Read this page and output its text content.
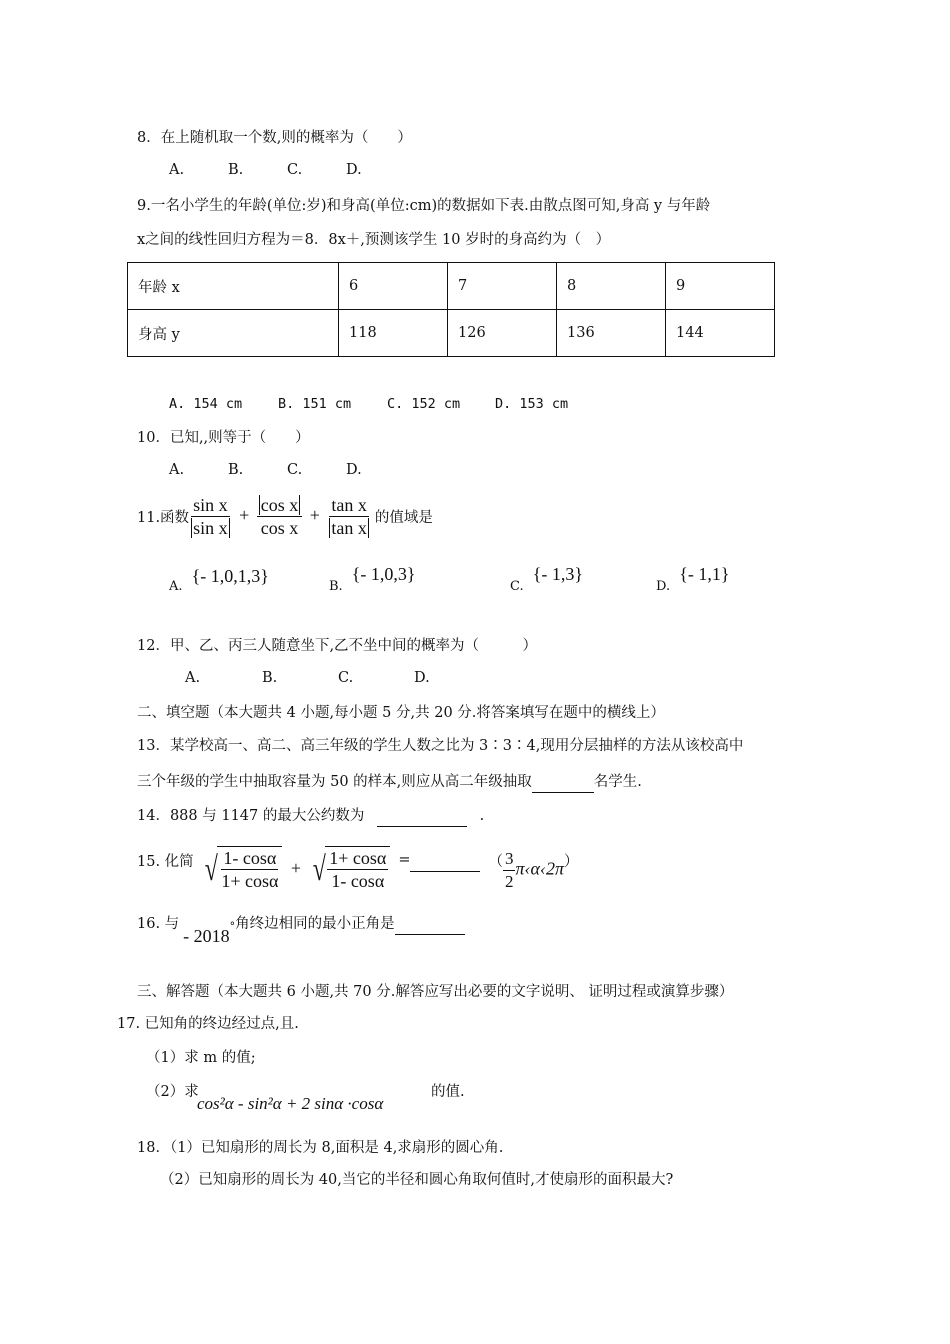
8．在上随机取一个数,则的概率为（　　）
A.	B.	C.	D.
9.一名小学生的年龄(单位:岁)和身高(单位:cm)的数据如下表.由散点图可知,身高 y 与年龄
x之间的线性回归方程为＝8．8x＋,预测该学生 10 岁时的身高约为（　）
年龄 x	6	7	8	9
身高 y	118	126	136	144
A. 154 cm	B. 151 cm	C. 152 cm	D. 153 cm
10．已知,,则等于（　　）
A.	B.	C.	D.
11.函数 $\frac{\text{sin x}}{\text{sin x}} + \frac{\text{cos x}}{\text{cos x}} + \frac{\text{tan x}}{\text{tan x}}$ 的值域是
A. {- 1,0,1,3}
B. {- 1,0,3}
C. {- 1,3}
D. {- 1,1}
12．甲、乙、丙三人随意坐下,乙不坐中间的概率为（　　　）
A.	B.	C.	D.
二、填空题（本大题共 4 小题,每小题 5 分,共 20 分.将答案填写在题中的横线上）
13．某学校高一、高二、高三年级的学生人数之比为 3∶3∶4,现用分层抽样的方法从该校高中
三个年级的学生中抽取容量为 50 的样本,则应从高二年级抽取	名学生.
14．888 与 1147 的最大公约数为	.
15. 化简 √ $\frac{1- \cos\alpha}{1+ \cos\alpha}$ + √ $\frac{1+ \cos\alpha}{1- \cos\alpha}$ =
	（ $\frac{3}{2}$ π‹α‹2π ）
16. 与
- 2018 ° 角终边相同的最小正角是

三、解答题（本大题共 6 小题,共 70 分.解答应写出必要的文字说明、 证明过程或演算步骤）
17. 已知角的终边经过点,且.
（1）求 m 的值;
（2）求
cos²α - sin²α + 2 sinα ·cosα
的值.
18．（1）已知扇形的周长为 8,面积是 4,求扇形的圆心角.
（2）已知扇形的周长为 40,当它的半径和圆心角取何值时,才使扇形的面积最大?
